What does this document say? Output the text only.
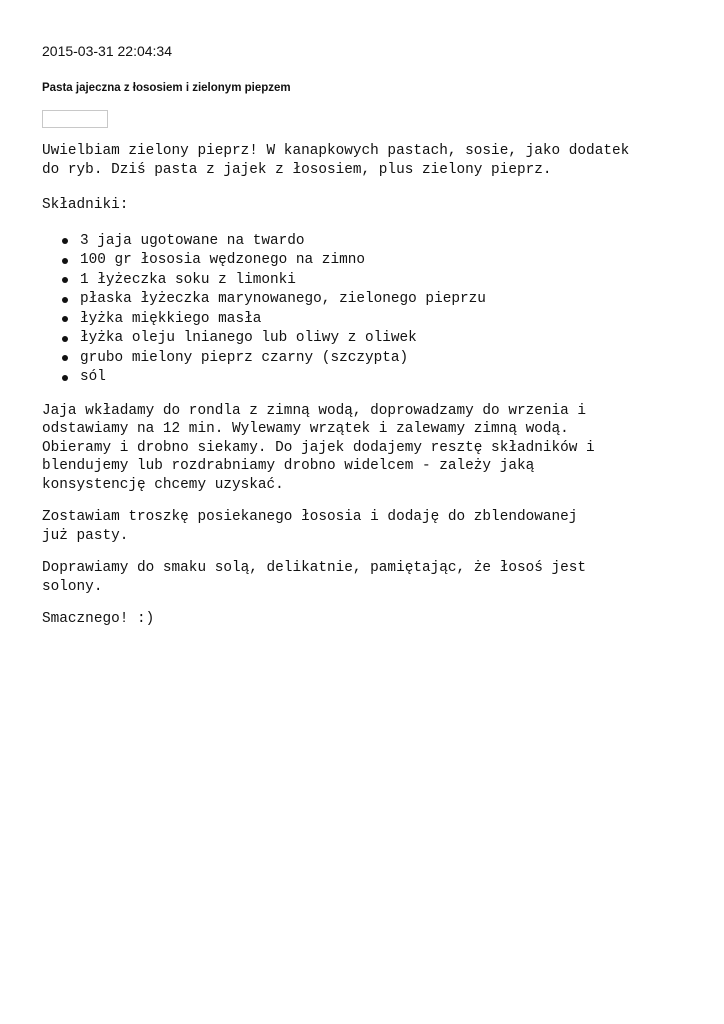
2015-03-31 22:04:34

Pasta jajeczna z łososiem i zielonym piepzem

Uwielbiam zielony pieprz! W kanapkowych pastach, sosie, jako dodatek
do ryb. Dziś pasta z jajek z łososiem, plus zielony pieprz.

Składniki:

3 jaja ugotowane na twardo
100 gr łososia wędzonego na zimno
1 łyżeczka soku z limonki
płaska łyżeczka marynowanego, zielonego pieprzu
łyżka miękkiego masła
łyżka oleju lnianego lub oliwy z oliwek
grubo mielony pieprz czarny (szczypta)
sól

Jaja wkładamy do rondla z zimną wodą, doprowadzamy do wrzenia i
odstawiamy na 12 min. Wylewamy wrzątek i zalewamy zimną wodą.
Obieramy i drobno siekamy. Do jajek dodajemy resztę składników i
blendujemy lub rozdrabniamy drobno widelcem - zależy jaką
konsystencję chcemy uzyskać.

Zostawiam troszkę posiekanego łososia i dodaję do zblendowanej
już pasty.

Doprawiamy do smaku solą, delikatnie, pamiętając, że łosoś jest
solony.

Smacznego! :)
